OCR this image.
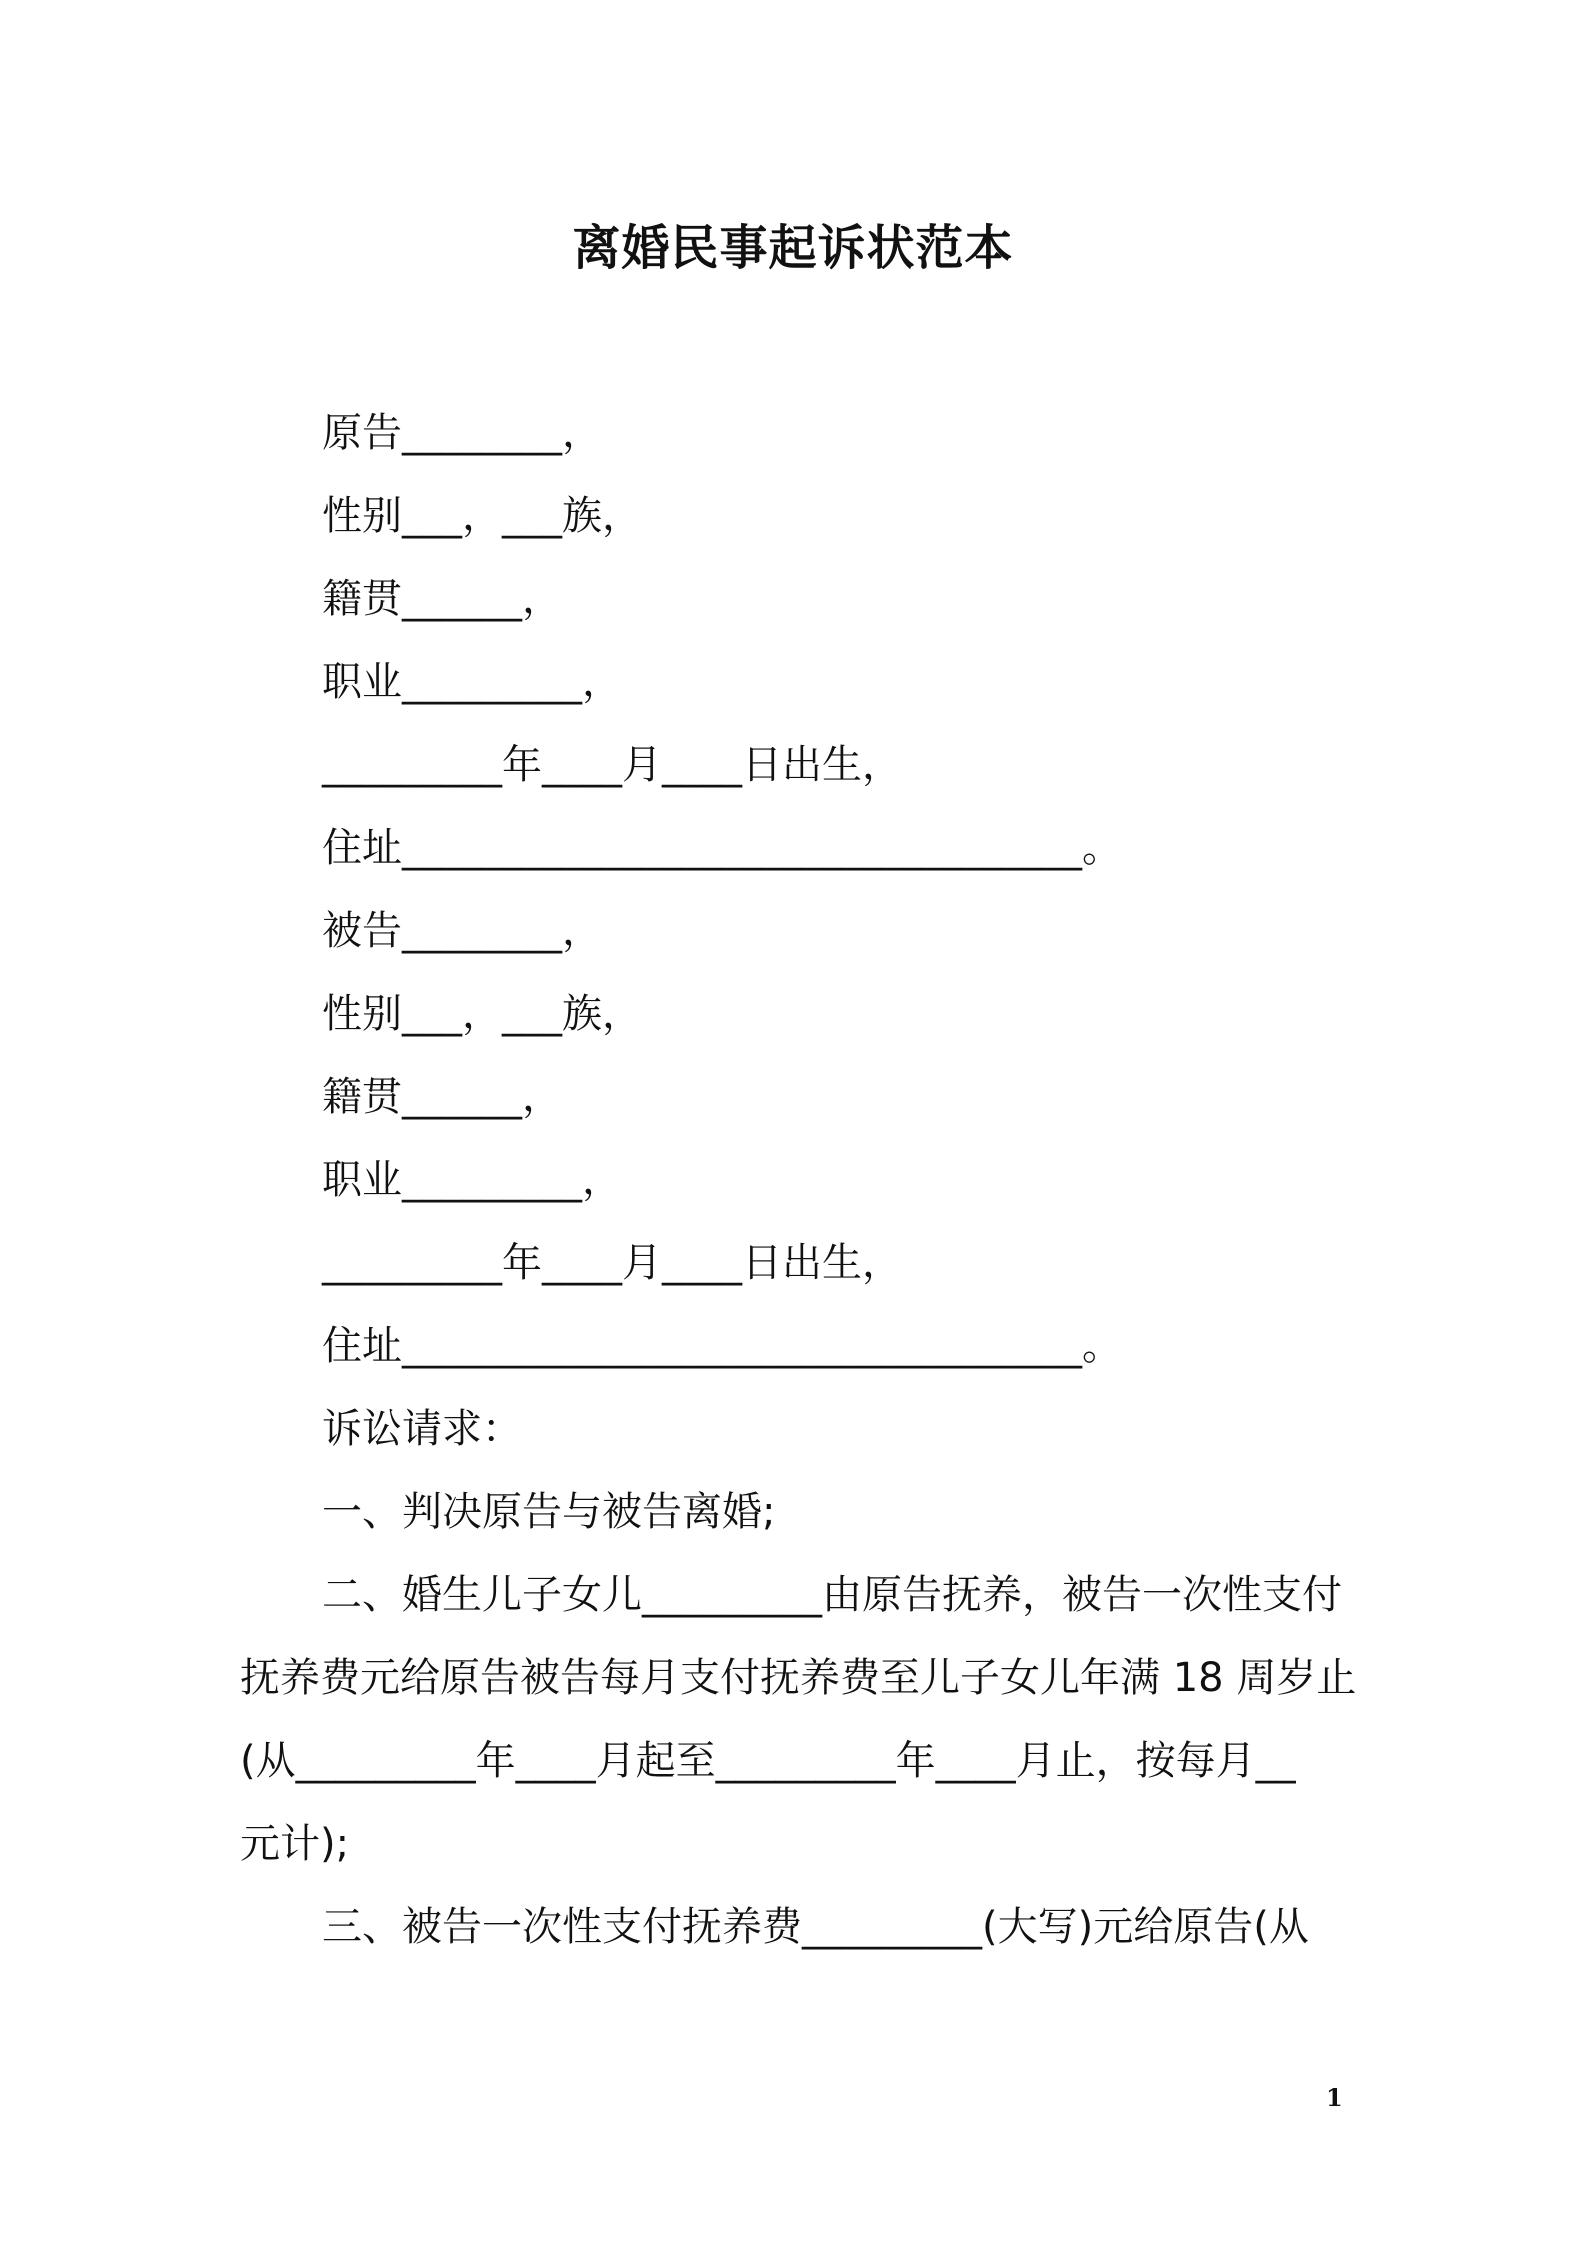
离婚民事起诉状范本

原告________，

性别___，___族，

籍贯______，

职业_________，

_________年____月____日出生，

住址__________________________________。

被告________，

性别___，___族，

籍贯______，

职业_________，

_________年____月____日出生，

住址__________________________________。

诉讼请求：

一、判决原告与被告离婚;

二、婚生儿子女儿_________由原告抚养，被告一次性支付

抚养费元给原告被告每月支付抚养费至儿子女儿年满 18 周岁止

(从_________年____月起至_________年____月止，按每月__

元计);

三、被告一次性支付抚养费_________(大写)元给原告(从

1
